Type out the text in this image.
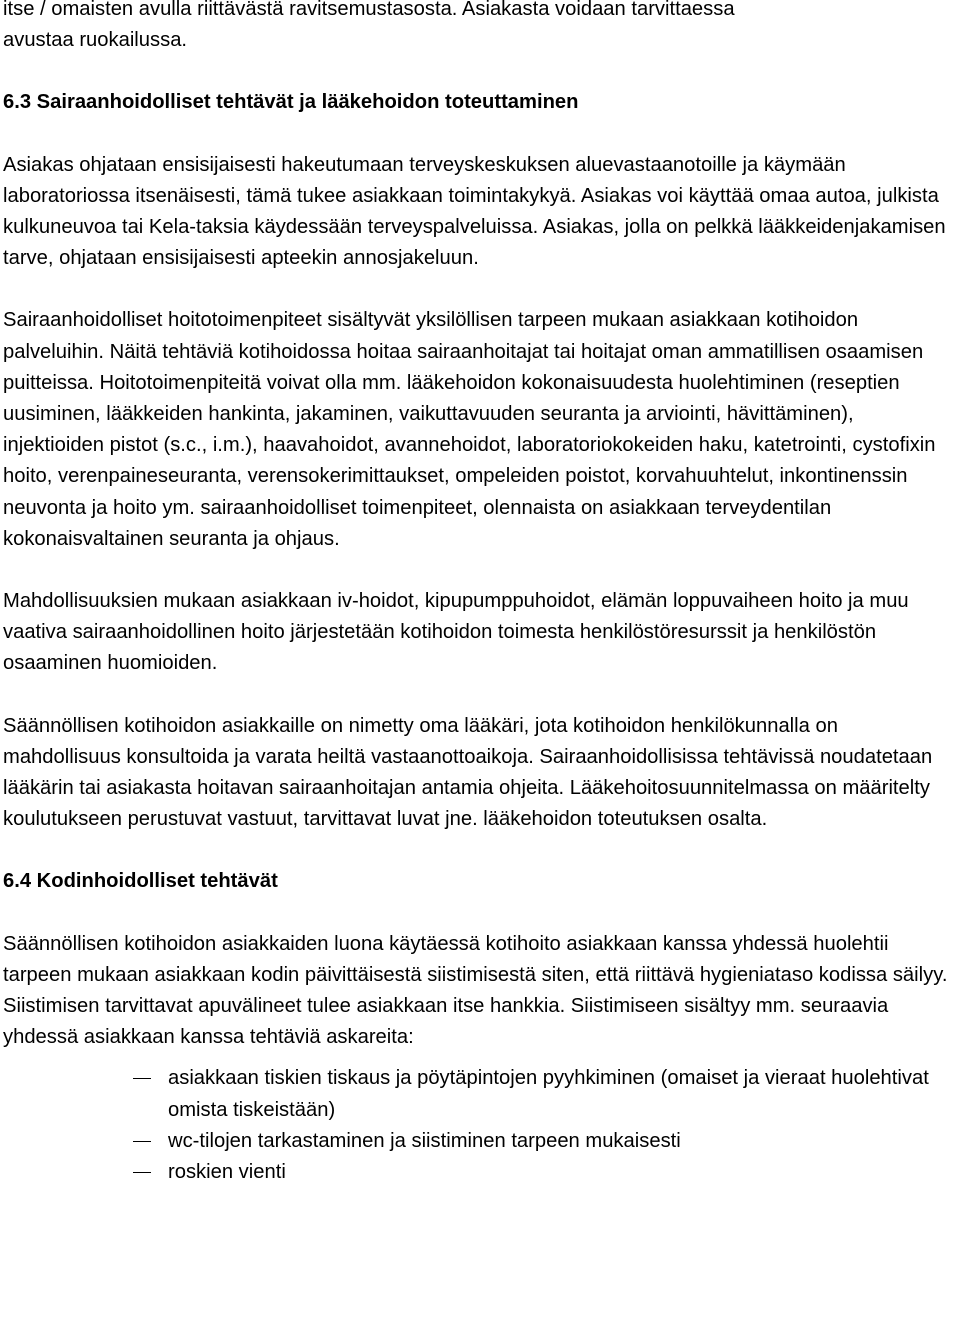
itse / omaisten avulla riittävästä ravitsemustasosta. Asiakasta voidaan tarvittaessa
avustaa ruokailussa.

6.3 Sairaanhoidolliset tehtävät ja lääkehoidon toteuttaminen

Asiakas ohjataan ensisijaisesti hakeutumaan terveyskeskuksen aluevastaanotoille ja käymään laboratoriossa itsenäisesti, tämä tukee asiakkaan toimintakykyä. Asiakas voi käyttää omaa autoa, julkista kulkuneuvoa tai Kela-taksia käydessään terveyspalveluissa. Asiakas, jolla on pelkkä lääkkeidenjakamisen tarve, ohjataan ensisijaisesti apteekin annosjakeluun.

Sairaanhoidolliset hoitotoimenpiteet sisältyvät yksilöllisen tarpeen mukaan asiakkaan kotihoidon palveluihin. Näitä tehtäviä kotihoidossa hoitaa sairaanhoitajat tai hoitajat oman ammatillisen osaamisen puitteissa. Hoitotoimenpiteitä voivat olla mm. lääkehoidon kokonaisuudesta huolehtiminen (reseptien uusiminen, lääkkeiden hankinta, jakaminen, vaikuttavuuden seuranta ja arviointi, hävittäminen), injektioiden pistot (s.c., i.m.), haavahoidot, avannehoidot, laboratoriokokeiden haku, katetrointi, cystofixin hoito, verenpaineseuranta, verensokerimittaukset, ompeleiden poistot, korvahuuhtelut, inkontinenssin neuvonta ja hoito ym. sairaanhoidolliset toimenpiteet, olennaista on asiakkaan terveydentilan kokonaisvaltainen seuranta ja ohjaus.

Mahdollisuuksien mukaan asiakkaan iv-hoidot, kipupumppuhoidot, elämän loppuvaiheen hoito ja muu vaativa sairaanhoidollinen hoito järjestetään kotihoidon toimesta henkilöstöresurssit ja henkilöstön osaaminen huomioiden.

Säännöllisen kotihoidon asiakkaille on nimetty oma lääkäri, jota kotihoidon henkilökunnalla on mahdollisuus konsultoida ja varata heiltä vastaanottoaikoja. Sairaanhoidollisissa tehtävissä noudatetaan lääkärin tai asiakasta hoitavan sairaanhoitajan antamia ohjeita. Lääkehoitosuunnitelmassa on määritelty koulutukseen perustuvat vastuut, tarvittavat luvat jne. lääkehoidon toteutuksen osalta.

6.4 Kodinhoidolliset tehtävät

Säännöllisen kotihoidon asiakkaiden luona käytäessä kotihoito asiakkaan kanssa yhdessä huolehtii tarpeen mukaan asiakkaan kodin päivittäisestä siistimisestä siten, että riittävä hygieniataso kodissa säilyy. Siistimisen tarvittavat apuvälineet tulee asiakkaan itse hankkia. Siistimiseen sisältyy mm. seuraavia yhdessä asiakkaan kanssa tehtäviä askareita:

asiakkaan tiskien tiskaus ja pöytäpintojen pyyhkiminen (omaiset ja vieraat huolehtivat omista tiskeistään)
wc-tilojen tarkastaminen ja siistiminen tarpeen mukaisesti
roskien vienti
